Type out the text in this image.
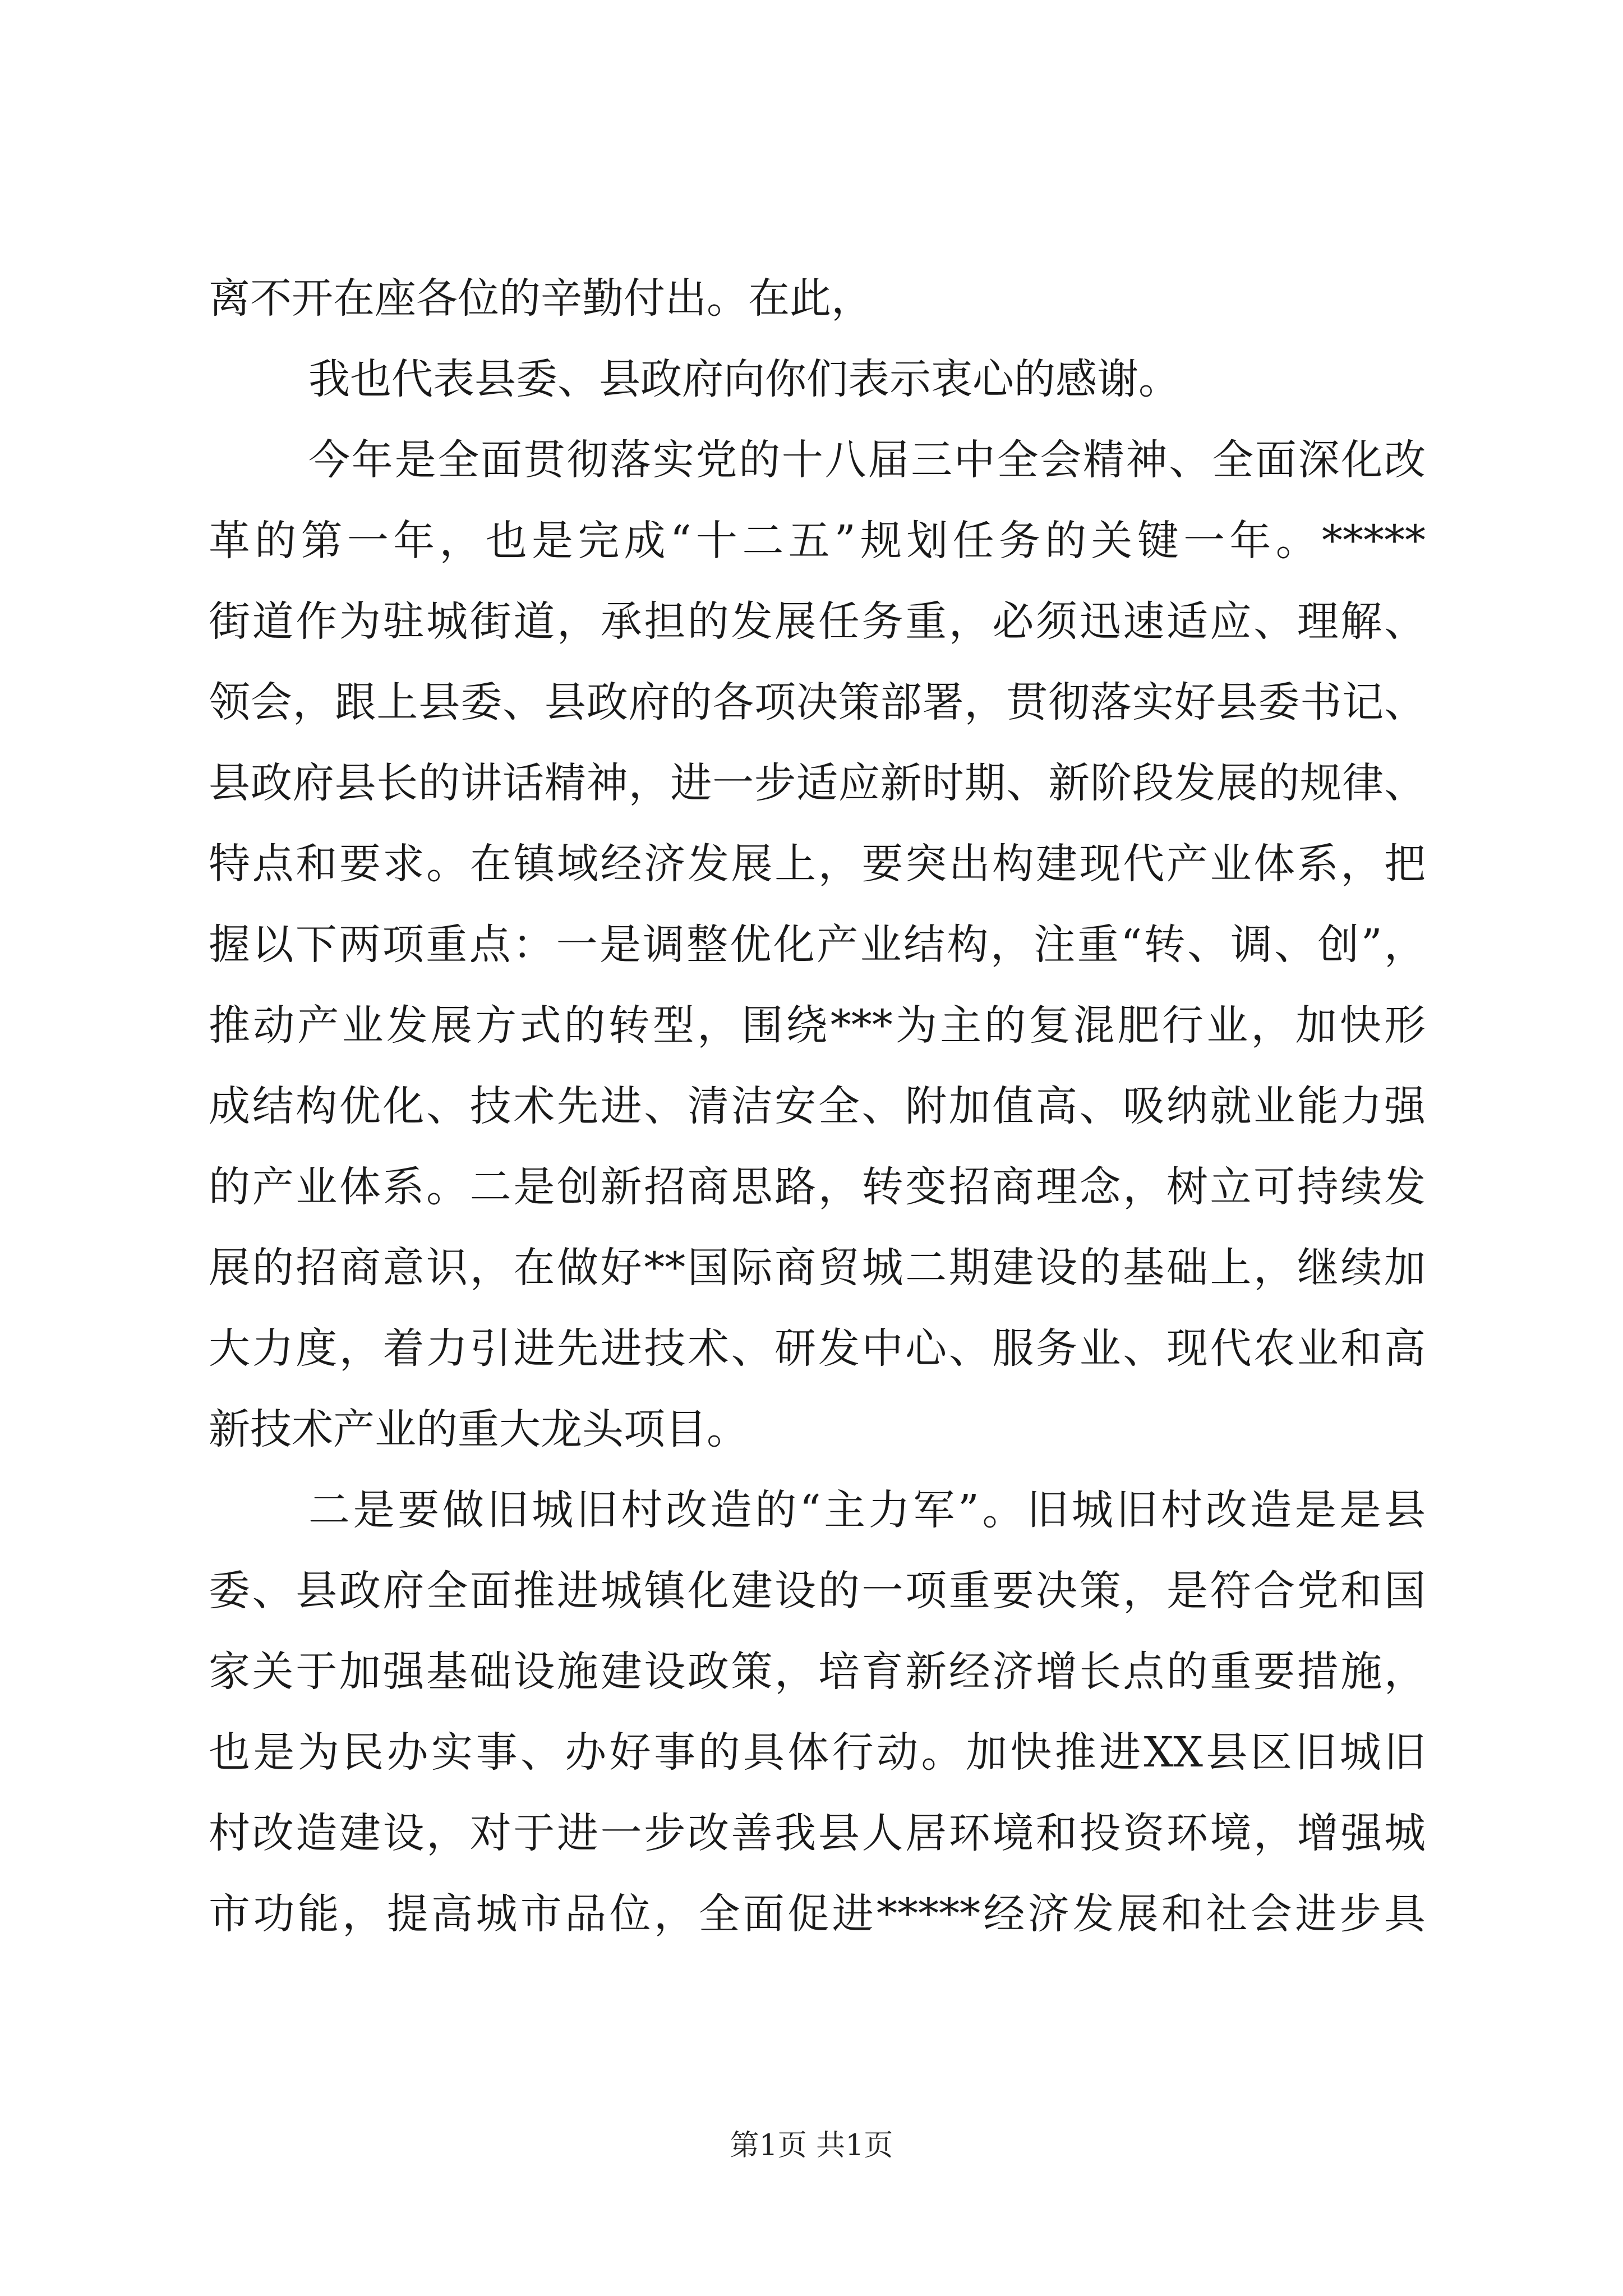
离不开在座各位的辛勤付出。在此，
我也代表县委、县政府向你们表示衷心的感谢。
今年是全面贯彻落实党的十八届三中全会精神、全面深化改
革的第一年，也是完成“十二五”规划任务的关键一年。*****
街道作为驻城街道，承担的发展任务重，必须迅速适应、理解、
领会，跟上县委、县政府的各项决策部署，贯彻落实好县委书记、
县政府县长的讲话精神，进一步适应新时期、新阶段发展的规律、
特点和要求。在镇域经济发展上，要突出构建现代产业体系，把
握以下两项重点：一是调整优化产业结构，注重“转、调、创”，
推动产业发展方式的转型，围绕***为主的复混肥行业，加快形
成结构优化、技术先进、清洁安全、附加值高、吸纳就业能力强
的产业体系。二是创新招商思路，转变招商理念，树立可持续发
展的招商意识，在做好**国际商贸城二期建设的基础上，继续加
大力度，着力引进先进技术、研发中心、服务业、现代农业和高
新技术产业的重大龙头项目。
二是要做旧城旧村改造的“主力军”。旧城旧村改造是是县
委、县政府全面推进城镇化建设的一项重要决策，是符合党和国
家关于加强基础设施建设政策，培育新经济增长点的重要措施，
也是为民办实事、办好事的具体行动。加快推进XX县区旧城旧
村改造建设，对于进一步改善我县人居环境和投资环境，增强城
市功能，提高城市品位，全面促进*****经济发展和社会进步具
第1页 共1页
